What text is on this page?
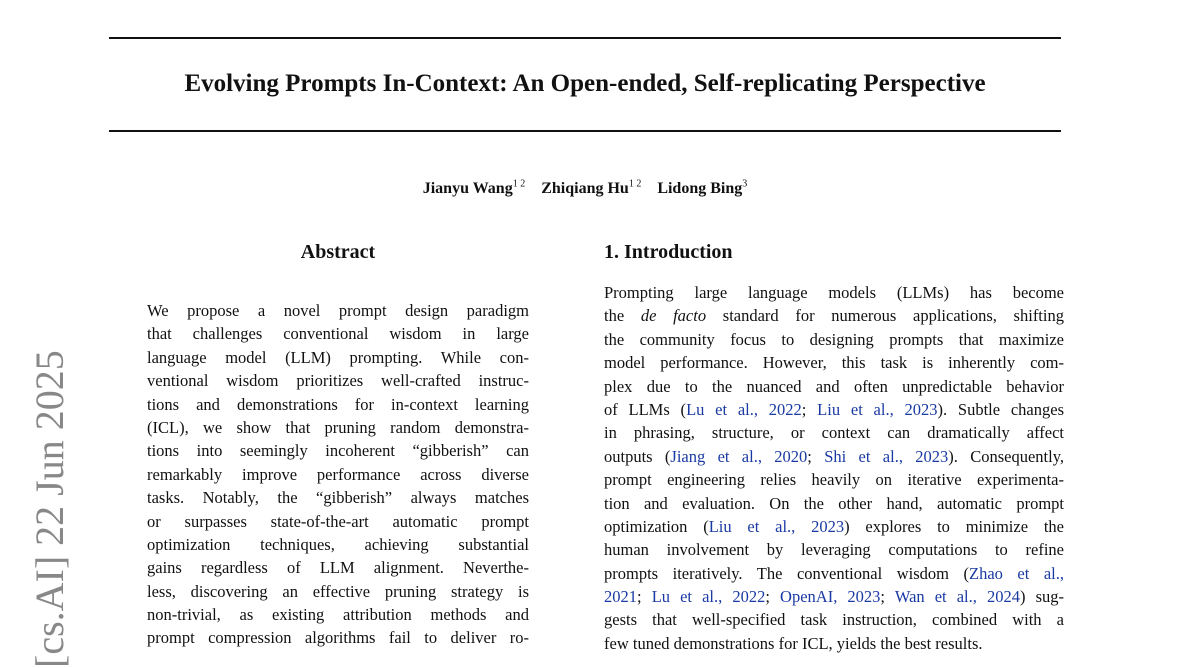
Evolving Prompts In-Context: An Open-ended, Self-replicating Perspective
Jianyu Wang$^{1 2}$ Zhiqiang $Hu^{1 2}$ Lidong Bing$^3$
[cs.AI] 22 Jun 2025
Abstract
We propose a novel prompt design paradigm
that challenges conventional wisdom in large
language model (LLM) prompting. While con-
ventional wisdom prioritizes well-crafted instruc-
tions and demonstrations for in-context learning
(ICL), we show that pruning random demonstra-
tions into seemingly incoherent “gibberish” can
remarkably improve performance across diverse
tasks. Notably, the “gibberish” always matches
or surpasses state-of-the-art automatic prompt
optimization techniques, achieving substantial
gains regardless of LLM alignment. Neverthe-
less, discovering an effective pruning strategy is
non-trivial, as existing attribution methods and
prompt compression algorithms fail to deliver ro-
1. Introduction
Prompting large language models (LLMs) has become
the de facto standard for numerous applications, shifting
the community focus to designing prompts that maximize
model performance. However, this task is inherently com-
plex due to the nuanced and often unpredictable behavior
of LLMs (Lu et al., 2022; Liu et al., 2023). Subtle changes
in phrasing, structure, or context can dramatically affect
outputs (Jiang et al., 2020; Shi et al., 2023). Consequently,
prompt engineering relies heavily on iterative experimenta-
tion and evaluation. On the other hand, automatic prompt
optimization (Liu et al., 2023) explores to minimize the
human involvement by leveraging computations to refine
prompts iteratively. The conventional wisdom (Zhao et al.,
2021; Lu et al., 2022; OpenAI, 2023; Wan et al., 2024) sug-
gests that well-specified task instruction, combined with a
few tuned demonstrations for ICL, yields the best results.
